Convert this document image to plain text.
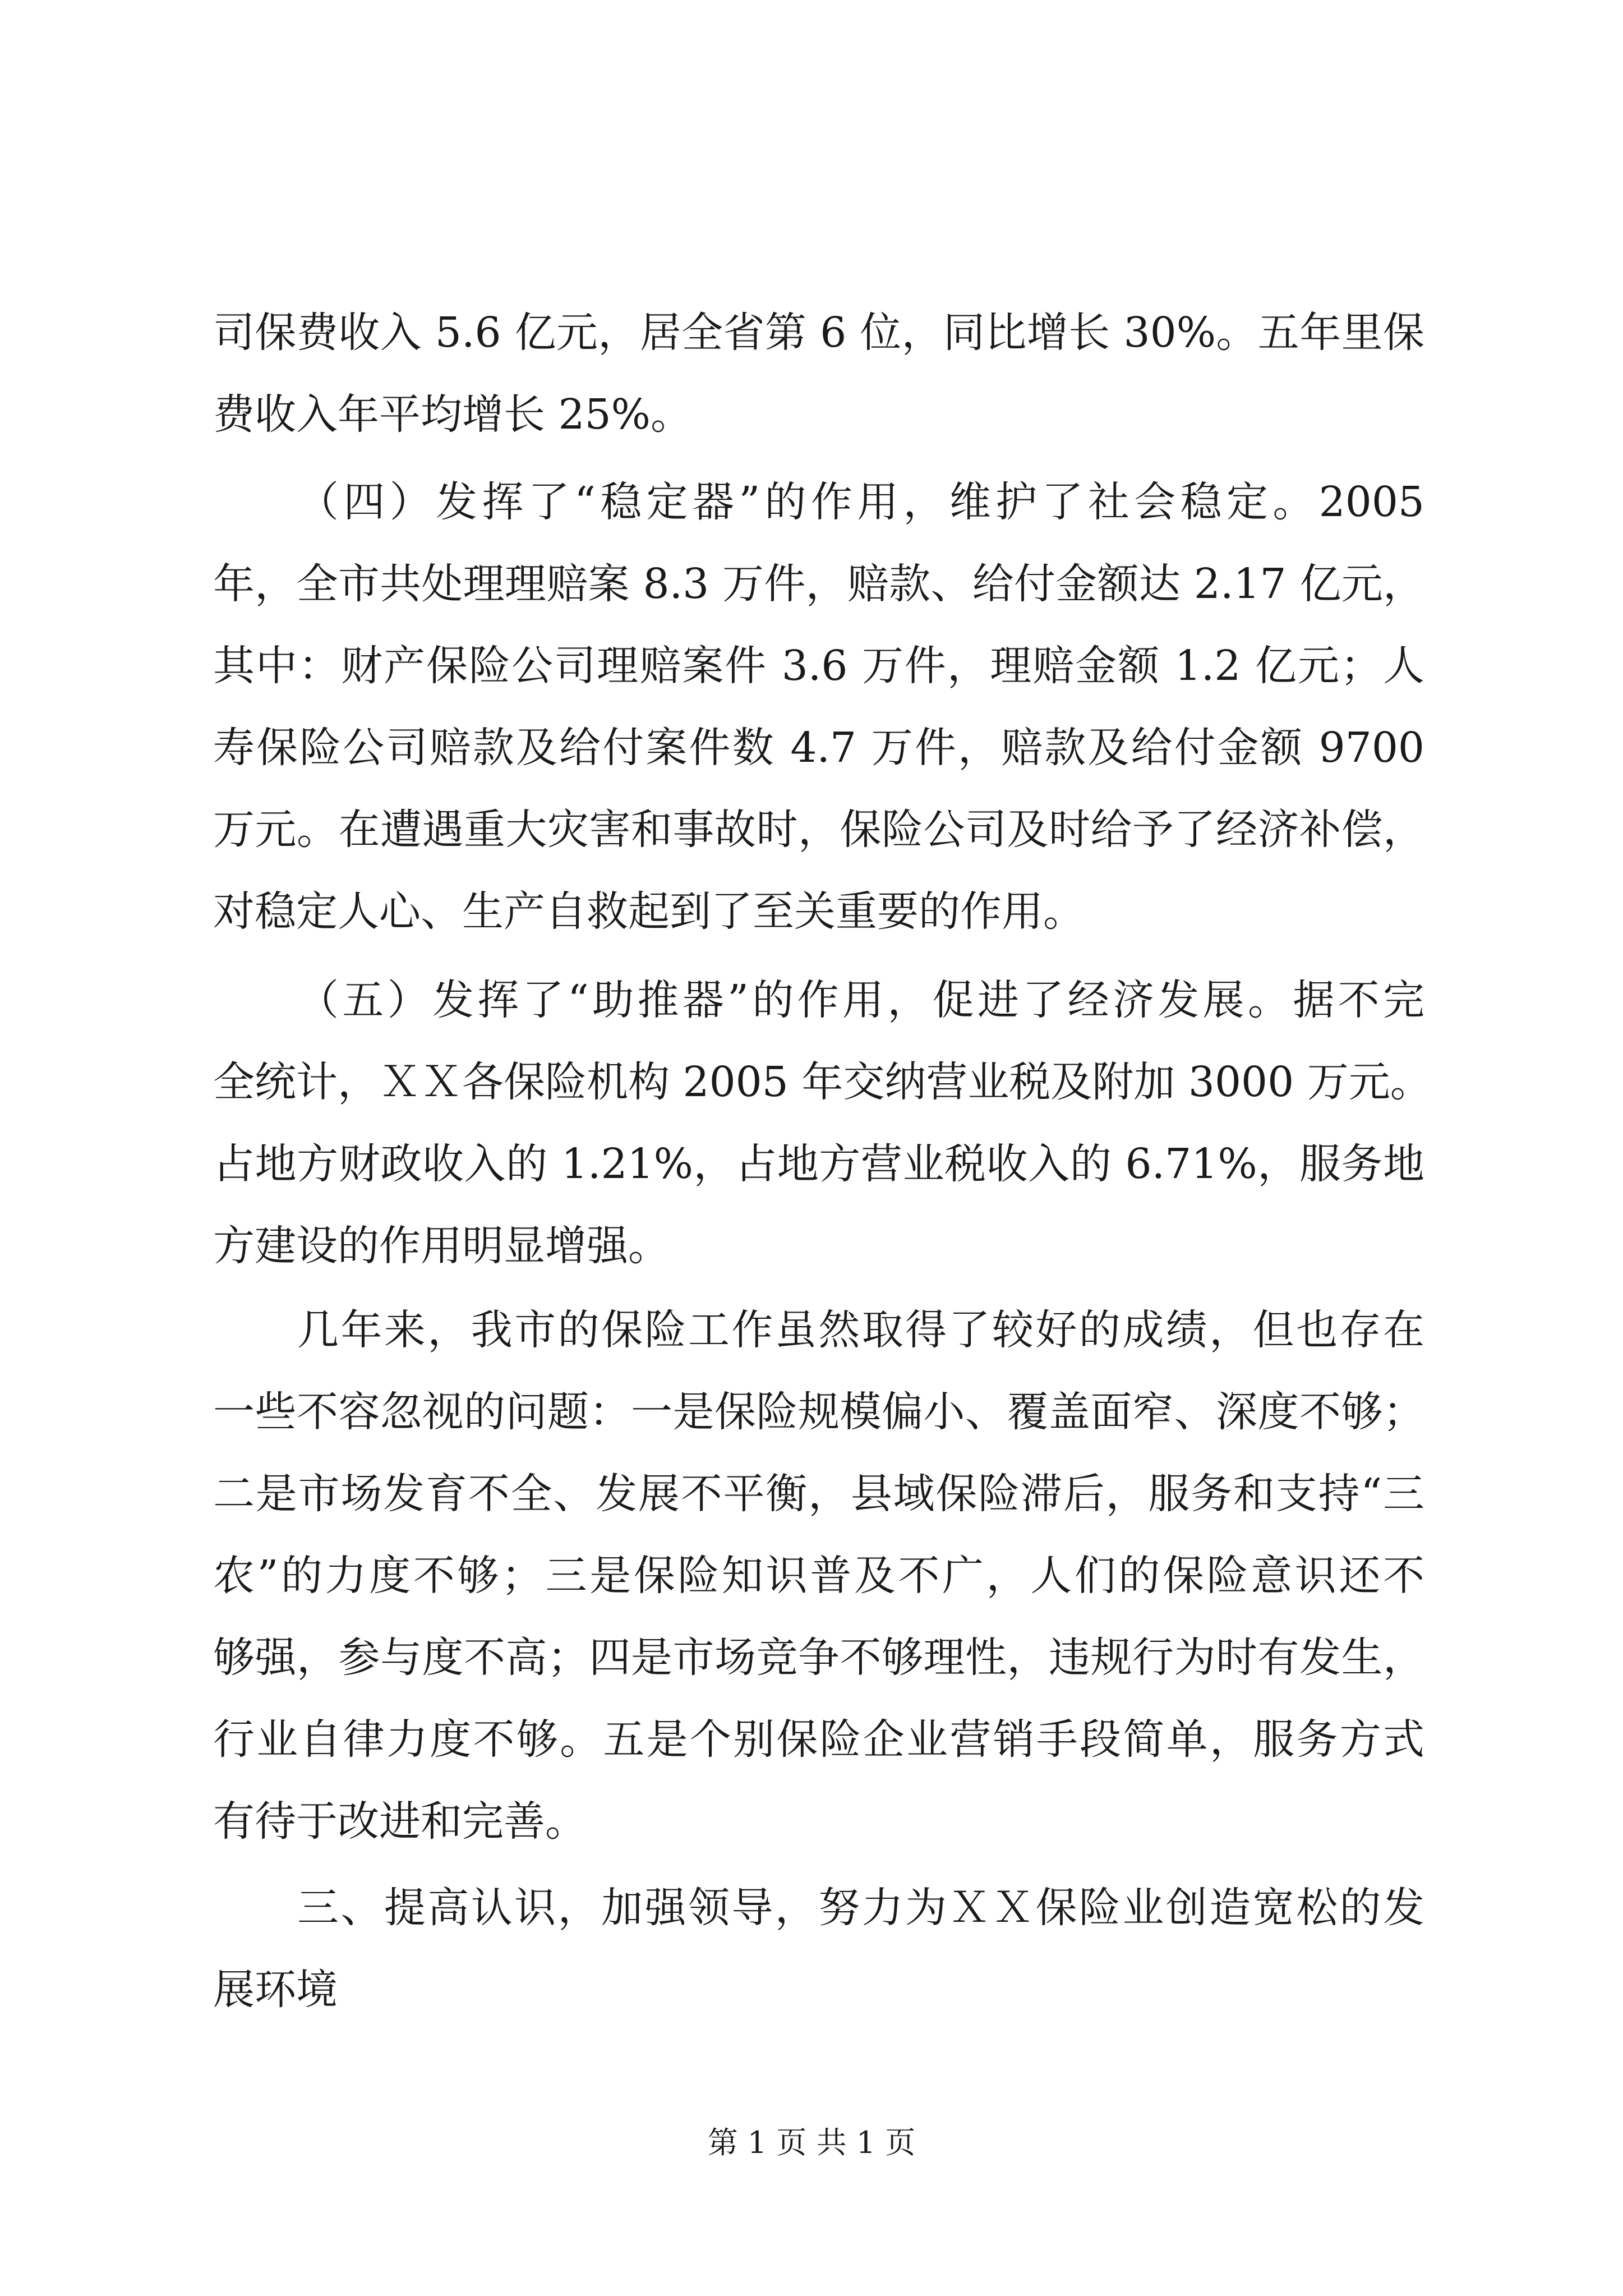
司保费收入 5.6 亿元，居全省第 6 位，同比增长 30%。五年里保
费收入年平均增长 25%。
（四）发挥了“稳定器”的作用，维护了社会稳定。2005
年，全市共处理理赔案 8.3 万件，赔款、给付金额达 2.17 亿元，
其中：财产保险公司理赔案件 3.6 万件，理赔金额 1.2 亿元；人
寿保险公司赔款及给付案件数 4.7 万件，赔款及给付金额 9700
万元。在遭遇重大灾害和事故时，保险公司及时给予了经济补偿，
对稳定人心、生产自救起到了至关重要的作用。
（五）发挥了“助推器”的作用，促进了经济发展。据不完
全统计，ＸＸ各保险机构 2005 年交纳营业税及附加 3000 万元。
占地方财政收入的 1.21%，占地方营业税收入的 6.71%，服务地
方建设的作用明显增强。
几年来，我市的保险工作虽然取得了较好的成绩，但也存在
一些不容忽视的问题：一是保险规模偏小、覆盖面窄、深度不够；
二是市场发育不全、发展不平衡，县域保险滞后，服务和支持“三
农”的力度不够；三是保险知识普及不广，人们的保险意识还不
够强，参与度不高；四是市场竞争不够理性，违规行为时有发生，
行业自律力度不够。五是个别保险企业营销手段简单，服务方式
有待于改进和完善。
三、提高认识，加强领导，努力为ＸＸ保险业创造宽松的发
展环境
第 1 页 共 1 页
